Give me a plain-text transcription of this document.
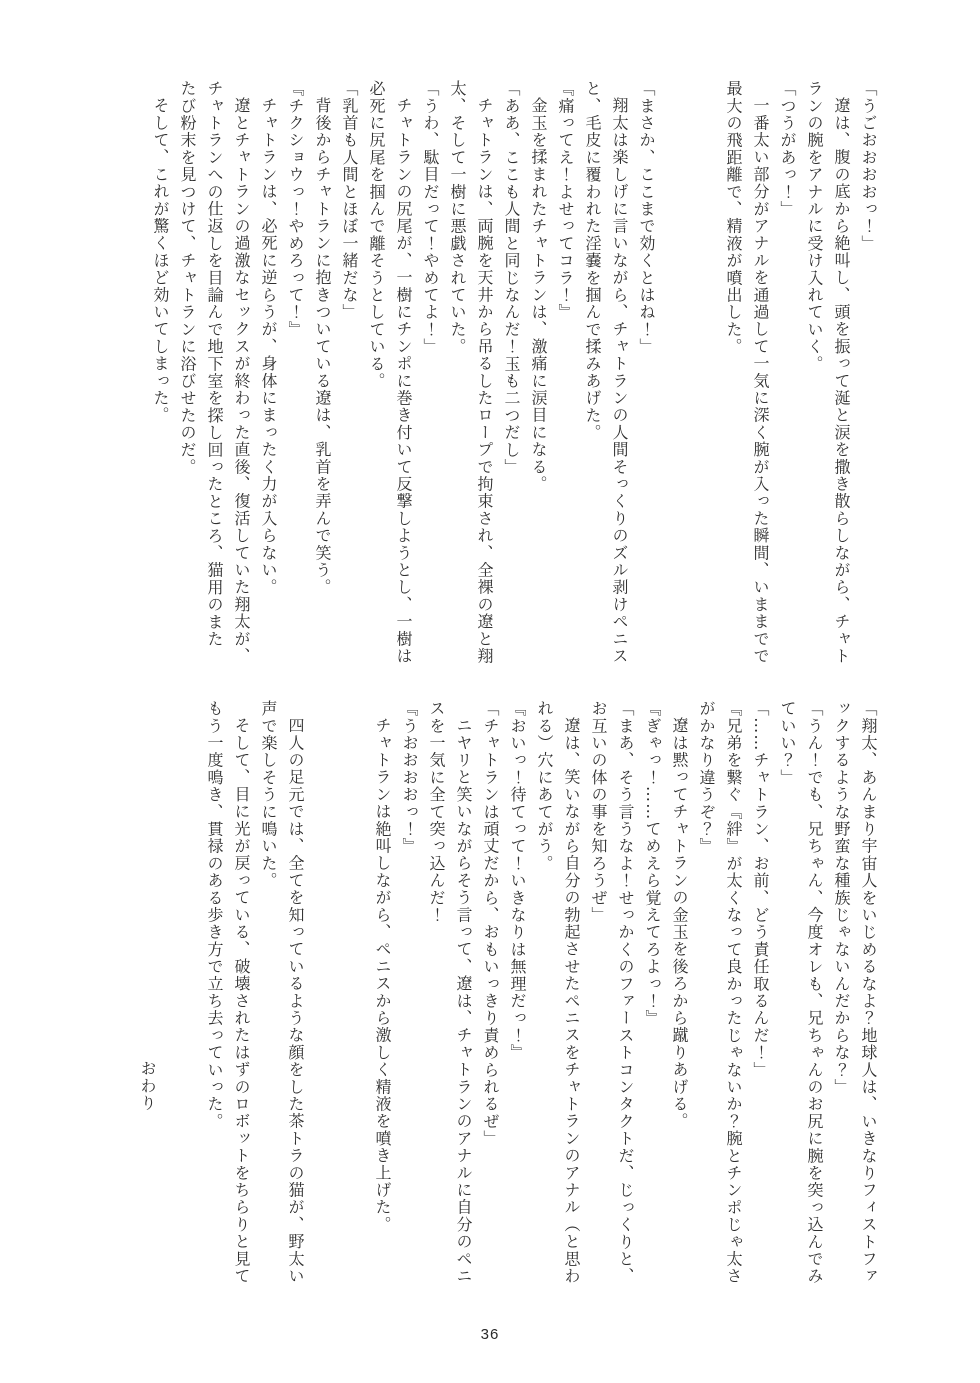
「うごおおおおっ！」

遼は、腹の底から絶叫し、頭を振って涎と涙を撒き散らしながら、チャト

ランの腕をアナルに受け入れていく。

「つうがあっ！」

一番太い部分がアナルを通過して一気に深く腕が入った瞬間、いままでで

最大の飛距離で、精液が噴出した。

「まさか、ここまで効くとはね！」

翔太は楽しげに言いながら、チャトランの人間そっくりのズル剥けペニス

と、毛皮に覆われた淫嚢を掴んで揉みあげた。

『痛ってえ！よせってコラ！』

金玉を揉まれたチャトランは、激痛に涙目になる。

「ああ、ここも人間と同じなんだ！玉も二つだし」

チャトランは、両腕を天井から吊るしたロープで拘束され、全裸の遼と翔

太、そして一樹に悪戯されていた。

「うわ、駄目だって！やめてよ！」

チャトランの尻尾が、一樹にチンポに巻き付いて反撃しようとし、一樹は

必死に尻尾を掴んで離そうとしている。

「乳首も人間とほぼ一緒だな」

背後からチャトランに抱きついている遼は、乳首を弄んで笑う。

『チクショウっ！やめろって！』

チャトランは、必死に逆らうが、身体にまったく力が入らない。

遼とチャトランの過激なセックスが終わった直後、復活していた翔太が、

チャトランへの仕返しを目論んで地下室を探し回ったところ、猫用のまた

たび粉末を見つけて、チャトランに浴びせたのだ。

そして、これが驚くほど効いてしまった。

「翔太、あんまり宇宙人をいじめるなよ？地球人は、いきなりフィストファ

ックするような野蛮な種族じゃないんだからな？」

「うん！でも、兄ちゃん、今度オレも、兄ちゃんのお尻に腕を突っ込んでみ

ていい？」

「……チャトラン、お前、どう責任取るんだ！」

『兄弟を繋ぐ『絆』が太くなって良かったじゃないか？腕とチンポじゃ太さ

がかなり違うぞ？』

遼は黙ってチャトランの金玉を後ろから蹴りあげる。

『ぎゃっ！……てめえら覚えてろよっ！』

「まあ、そう言うなよ！せっかくのファーストコンタクトだ、じっくりと、

お互いの体の事を知ろうぜ」

遼は、笑いながら自分の勃起させたペニスをチャトランのアナル（と思わ

れる）穴にあてがう。

『おいっ！待てって！いきなりは無理だっ！』

「チャトランは頑丈だから、おもいっきり責められるぜ」

ニヤリと笑いながらそう言って、遼は、チャトランのアナルに自分のペニ

スを一気に全て突っ込んだ！

『うおおおおっ！』

チャトランは絶叫しながら、ペニスから激しく精液を噴き上げた。

四人の足元では、全てを知っているような顔をした茶トラの猫が、野太い

声で楽しそうに鳴いた。

そして、目に光が戻っている、破壊されたはずのロボットをちらりと見て

もう一度鳴き、貫禄のある歩き方で立ち去っていった。

おわり

36
